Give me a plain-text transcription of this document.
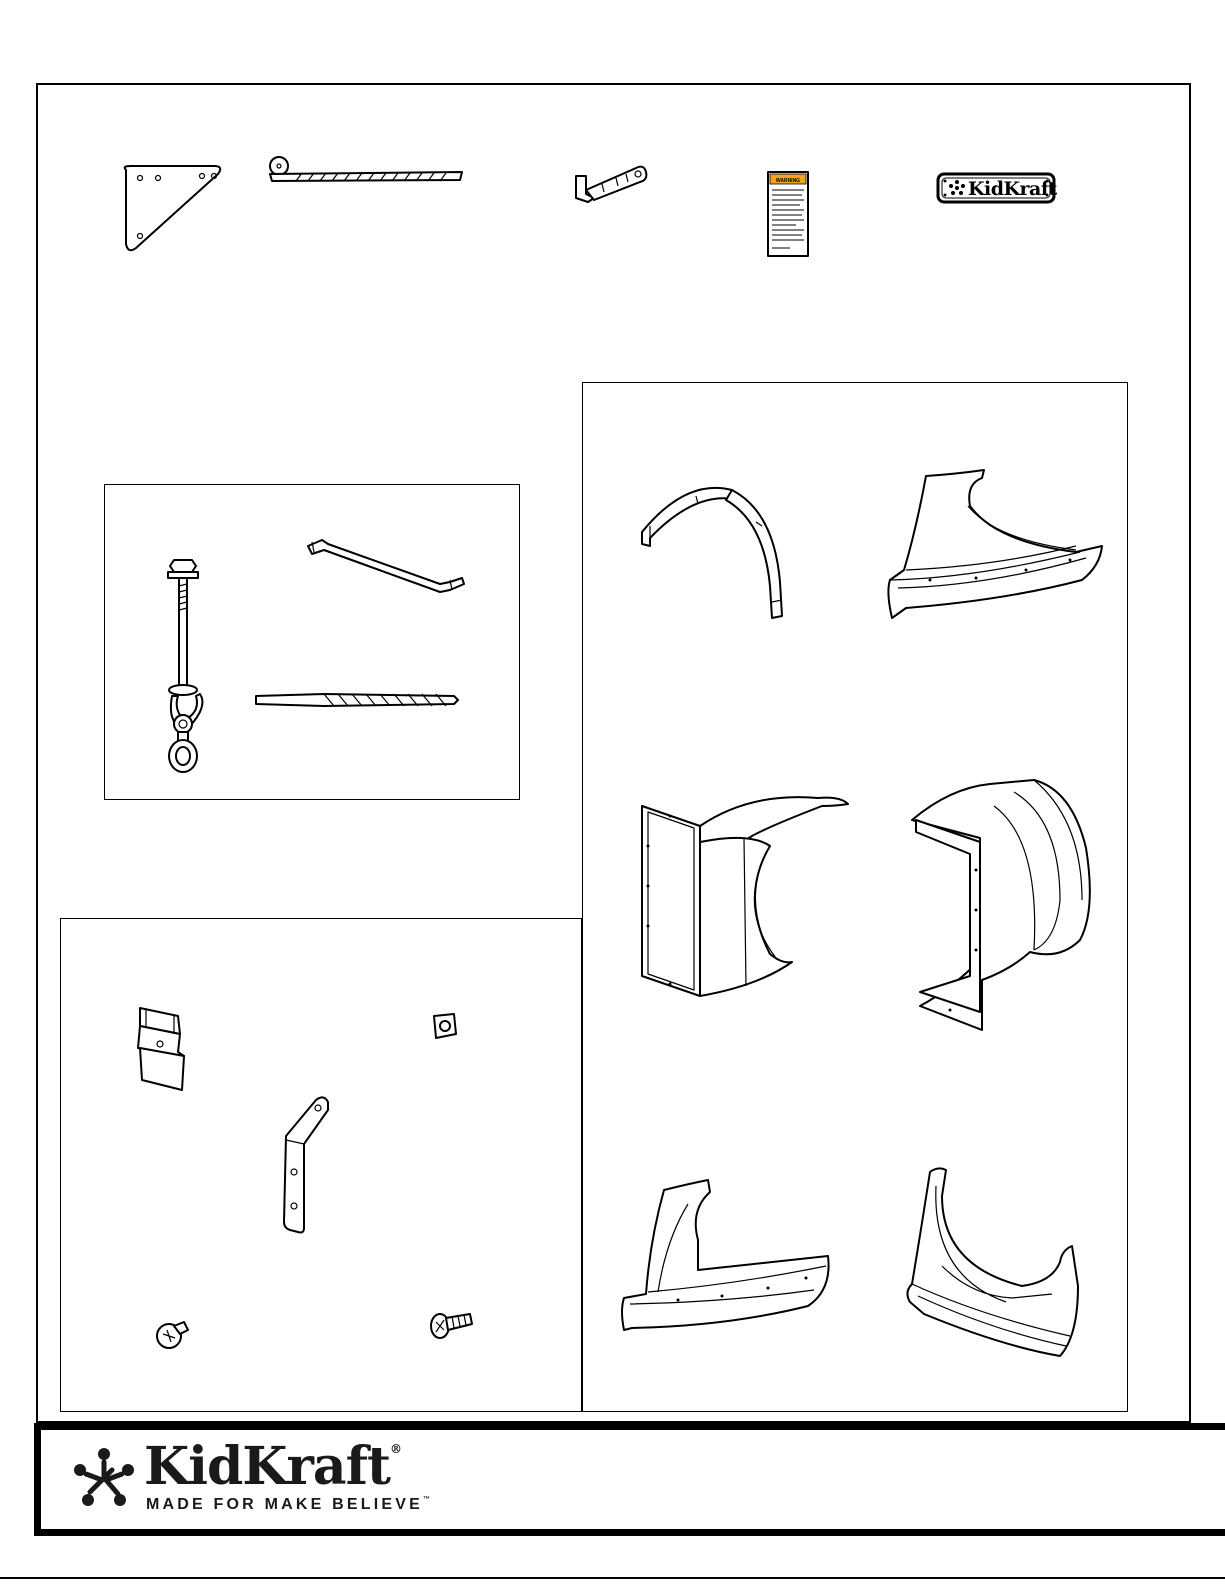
WARNING	KidKraft
KidKraft®
MADE FOR MAKE BELIEVE™
